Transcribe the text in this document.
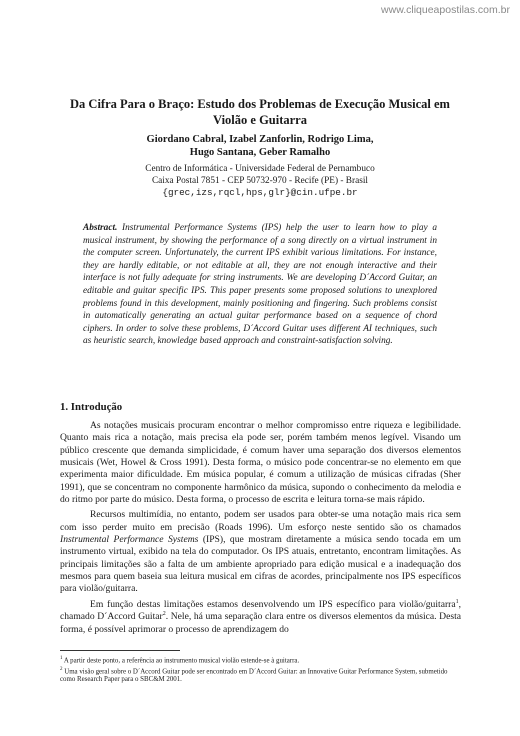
www.cliqueapostilas.com.br
Da Cifra Para o Braço: Estudo dos Problemas de Execução Musical em Violão e Guitarra
Giordano Cabral, Izabel Zanforlin, Rodrigo Lima,
Hugo Santana, Geber Ramalho
Centro de Informática - Universidade Federal de Pernambuco
Caixa Postal 7851 - CEP 50732-970 - Recife (PE) - Brasil
{grec,izs,rqcl,hps,glr}@cin.ufpe.br
Abstract. Instrumental Performance Systems (IPS) help the user to learn how to play a musical instrument, by showing the performance of a song directly on a virtual instrument in the computer screen. Unfortunately, the current IPS exhibit various limitations. For instance, they are hardly editable, or not editable at all, they are not enough interactive and their interface is not fully adequate for string instruments. We are developing D´Accord Guitar, an editable and guitar specific IPS. This paper presents some proposed solutions to unexplored problems found in this development, mainly positioning and fingering. Such problems consist in automatically generating an actual guitar performance based on a sequence of chord ciphers. In order to solve these problems, D´Accord Guitar uses different AI techniques, such as heuristic search, knowledge based approach and constraint-satisfaction solving.
1. Introdução

As notações musicais procuram encontrar o melhor compromisso entre riqueza e legibilidade. Quanto mais rica a notação, mais precisa ela pode ser, porém também menos legível. Visando um público crescente que demanda simplicidade, é comum haver uma separação dos diversos elementos musicais (Wet, Howel & Cross 1991). Desta forma, o músico pode concentrar-se no elemento em que experimenta maior dificuldade. Em música popular, é comum a utilização de músicas cifradas (Sher 1991), que se concentram no componente harmônico da música, supondo o conhecimento da melodia e do ritmo por parte do músico. Desta forma, o processo de escrita e leitura torna-se mais rápido.

Recursos multimídia, no entanto, podem ser usados para obter-se uma notação mais rica sem com isso perder muito em precisão (Roads 1996). Um esforço neste sentido são os chamados Instrumental Performance Systems (IPS), que mostram diretamente a música sendo tocada em um instrumento virtual, exibido na tela do computador. Os IPS atuais, entretanto, encontram limitações. As principais limitações são a falta de um ambiente apropriado para edição musical e a inadequação dos mesmos para quem baseia sua leitura musical em cifras de acordes, principalmente nos IPS específicos para violão/guitarra.

Em função destas limitações estamos desenvolvendo um IPS específico para violão/guitarra$^1$, chamado D´Accord Guitar$^2$. Nele, há uma separação clara entre os diversos elementos da música. Desta forma, é possível aprimorar o processo de aprendizagem do

$^1$ A partir deste ponto, a referência ao instrumento musical violão estende-se à guitarra.
$^2$ Uma visão geral sobre o D´Accord Guitar pode ser encontrado em D´Accord Guitar: an Innovative Guitar Performance System, submetido como Research Paper para o SBC&M 2001.
